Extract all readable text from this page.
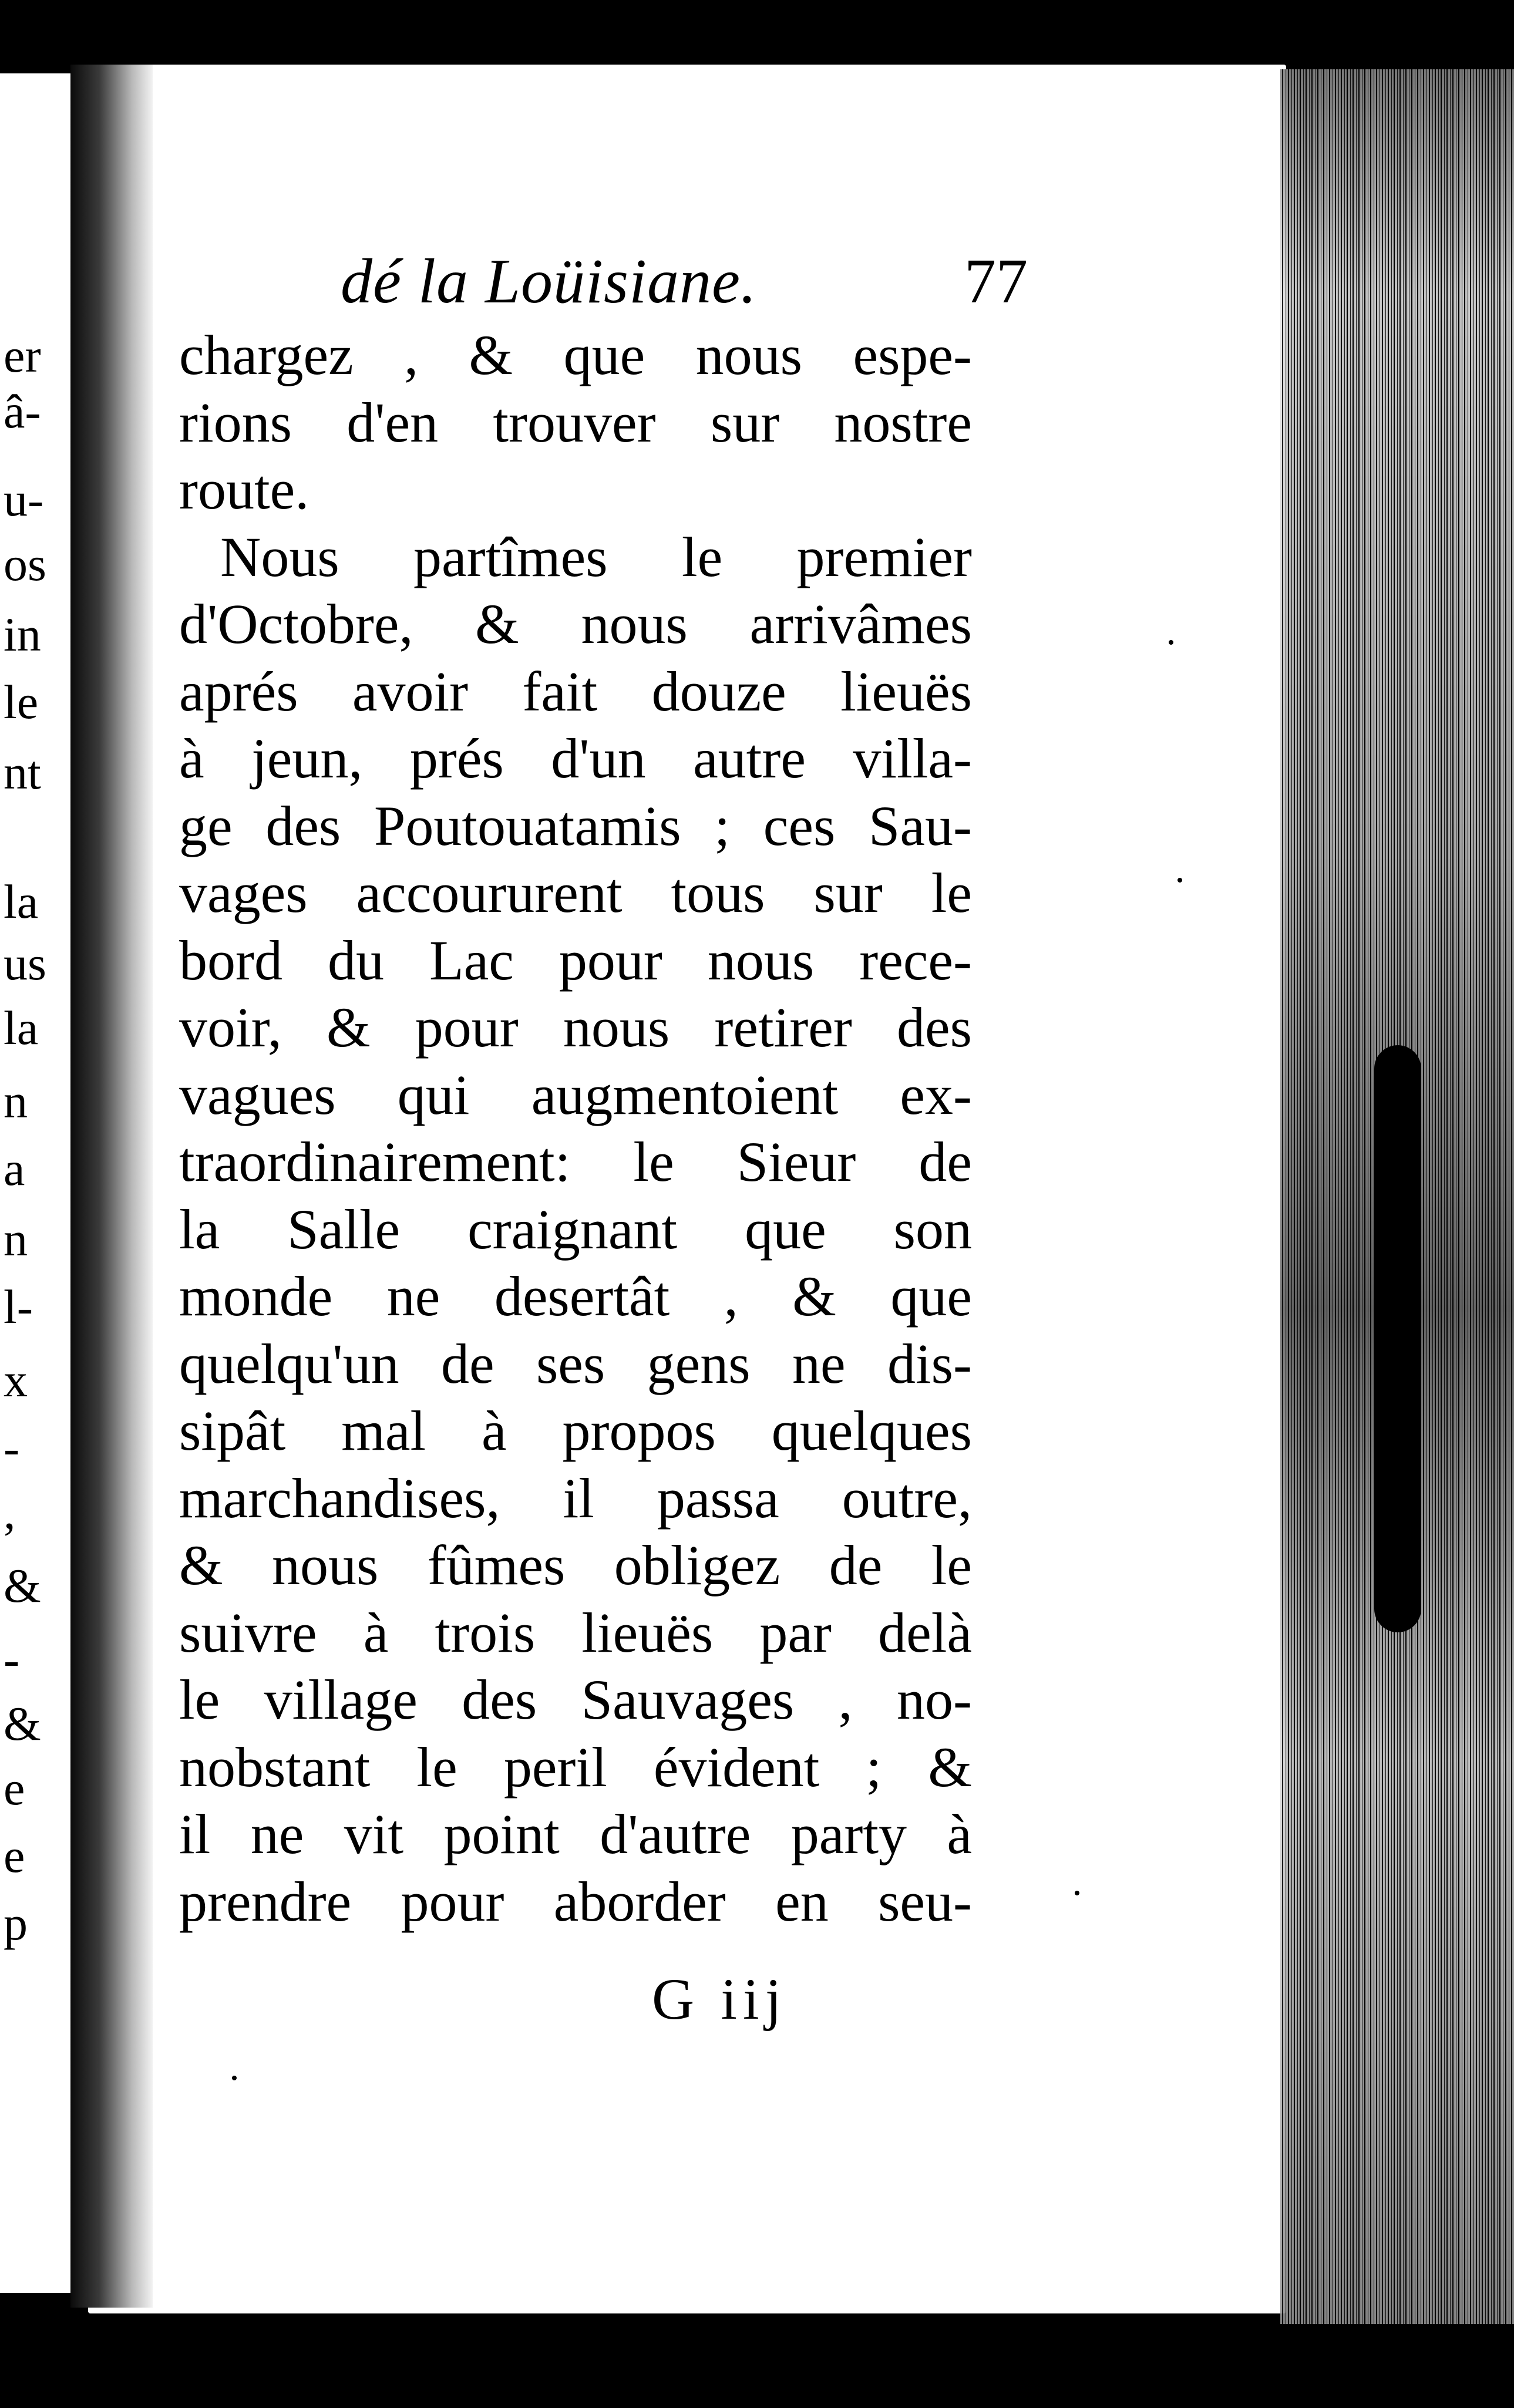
er
â-
u-
os
in
le
nt
la
us
la
n
a
n
l-
x
-
,
&
-
&
e
e
p
dé la Loüisiane.	77
chargez , & que nous espe-
rions d'en trouver sur nostre
route.
Nous partîmes le premier
d'Octobre, & nous arrivâmes
aprés avoir fait douze lieuës
à jeun, prés d'un autre villa-
ge des Poutouatamis ; ces Sau-
vages accoururent tous sur le
bord du Lac pour nous rece-
voir, & pour nous retirer des
vagues qui augmentoient ex-
traordinairement: le Sieur de
la Salle craignant que son
monde ne desertât , & que
quelqu'un de ses gens ne dis-
sipât mal à propos quelques
marchandises, il passa outre,
& nous fûmes obligez de le
suivre à trois lieuës par delà
le village des Sauvages , no-
nobstant le peril évident ; &
il ne vit point d'autre party à
prendre pour aborder en seu-
G iij
